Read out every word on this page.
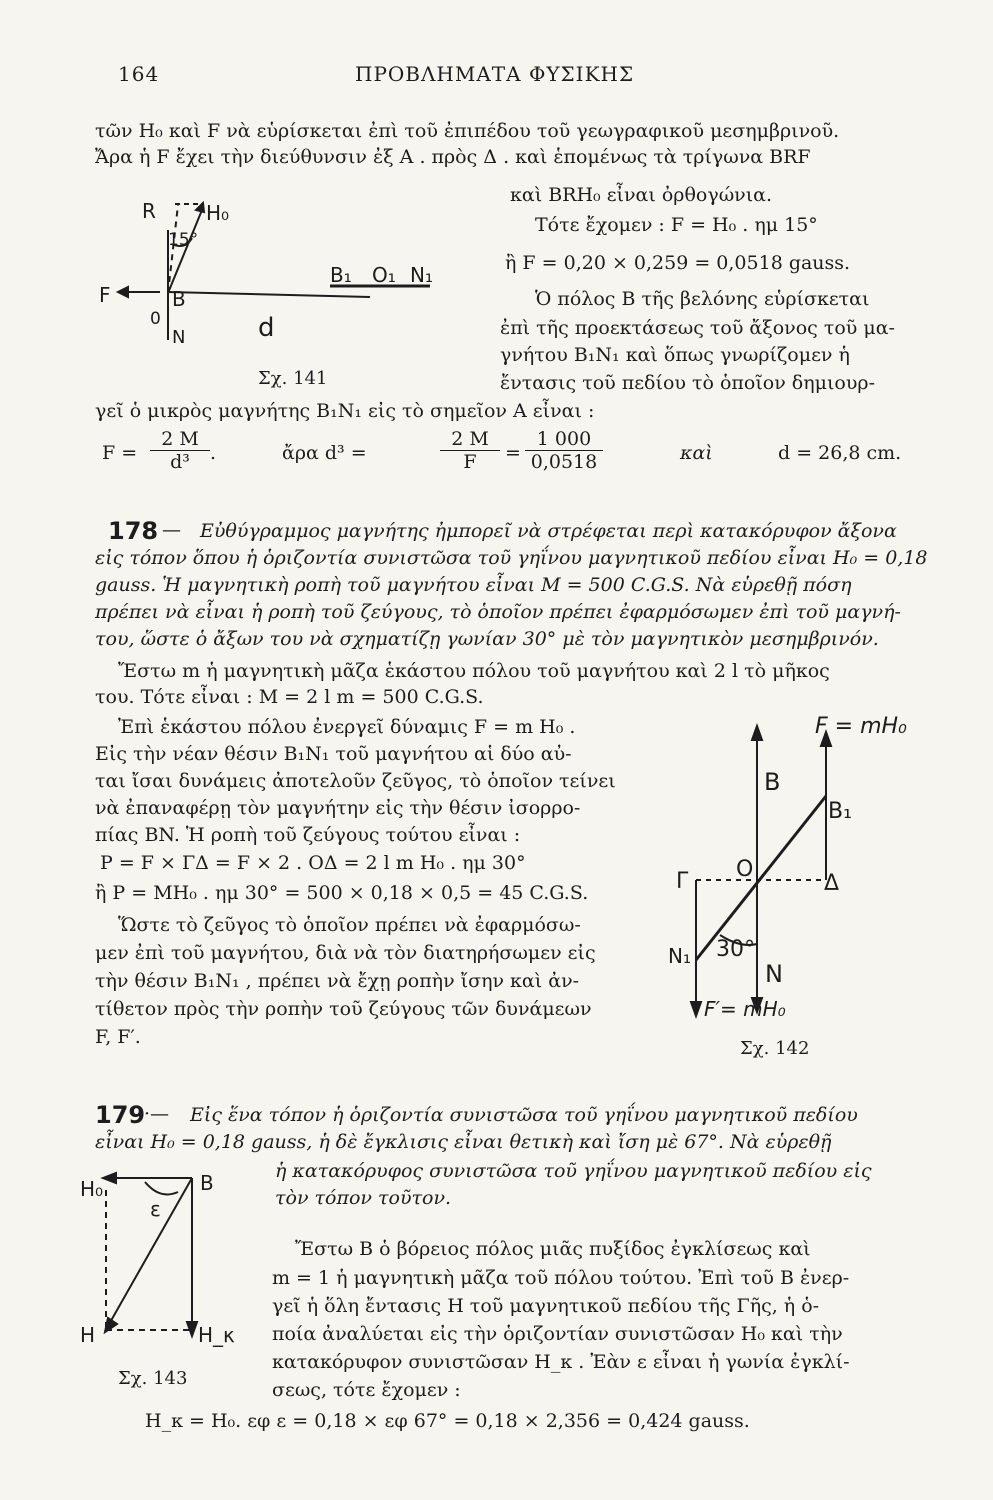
164	ΠΡΟΒΛΗΜΑΤΑ ΦΥΣΙΚΗΣ
τῶν H₀ καὶ F νὰ εὑρίσκεται ἐπὶ τοῦ ἐπιπέδου τοῦ γεωγραφικοῦ μεσημβρινοῦ.
Ἄρα ἡ F ἔχει τὴν διεύθυνσιν ἐξ A . πρὸς Δ . καὶ ἑπομένως τὰ τρίγωνα BRF
καὶ BRH₀ εἶναι ὀρθογώνια.
Τότε ἔχομεν : F = H₀ . ημ 15°
ἢ F = 0,20 × 0,259 = 0,0518 gauss.
Ὁ πόλος B τῆς βελόνης εὑρίσκεται
ἐπὶ τῆς προεκτάσεως τοῦ ἄξονος τοῦ μα-
γνήτου B₁N₁ καὶ ὅπως γνωρίζομεν ἡ
ἔντασις τοῦ πεδίου τὸ ὁποῖον δημιουρ-
γεῖ ὁ μικρὸς μαγνήτης B₁N₁ εἰς τὸ σημεῖον A εἶναι :
R	H₀
15°
F	B
0
N	d
B₁ O₁ N₁
Σχ. 141
$F = \frac{2 M}{\text{d³}}$ .	ἄρα d³ =	$\frac{2 M}{F} = \frac{1 000}{0,0518}$	καὶ	d = 26,8 cm.
178 — Εὐθύγραμμος μαγνήτης ἠμπορεῖ νὰ στρέφεται περὶ κατακόρυφον ἄξονα
εἰς τόπον ὅπου ἡ ὁριζοντία συνιστῶσα τοῦ γηΐνου μαγνητικοῦ πεδίου εἶναι H₀ = 0,18
gauss. Ἡ μαγνητικὴ ροπὴ τοῦ μαγνήτου εἶναι M = 500 C.G.S. Νὰ εὑρεθῇ πόση
πρέπει νὰ εἶναι ἡ ροπὴ τοῦ ζεύγους, τὸ ὁποῖον πρέπει ἐφαρμόσωμεν ἐπὶ τοῦ μαγνή-
του, ὥστε ὁ ἄξων του νὰ σχηματίζῃ γωνίαν 30° μὲ τὸν μαγνητικὸν μεσημβρινόν.
Ἔστω m ἡ μαγνητικὴ μᾶζα ἑκάστου πόλου τοῦ μαγνήτου καὶ 2 l τὸ μῆκος
του. Τότε εἶναι : M = 2 l m = 500 C.G.S.
Ἐπὶ ἑκάστου πόλου ἐνεργεῖ δύναμις F = m H₀ .
Εἰς τὴν νέαν θέσιν B₁N₁ τοῦ μαγνήτου αἱ δύο αὐ-
ται ἴσαι δυνάμεις ἀποτελοῦν ζεῦγος, τὸ ὁποῖον τείνει
νὰ ἐπαναφέρῃ τὸν μαγνήτην εἰς τὴν θέσιν ἰσορρο-
πίας BN. Ἡ ροπὴ τοῦ ζεύγους τούτου εἶναι :
P = F × ΓΔ = F × 2 . OΔ = 2 l m H₀ . ημ 30°
ἢ P = MH₀ . ημ 30° = 500 × 0,18 × 0,5 = 45 C.G.S.
Ὥστε τὸ ζεῦγος τὸ ὁποῖον πρέπει νὰ ἐφαρμόσω-
μεν ἐπὶ τοῦ μαγνήτου, διὰ νὰ τὸν διατηρήσωμεν εἰς
τὴν θέσιν B₁N₁ , πρέπει νὰ ἔχῃ ροπὴν ἴσην καὶ ἀν-
τίθετον πρὸς τὴν ροπὴν τοῦ ζεύγους τῶν δυνάμεων
F, F′.
F = mH₀
B
B₁
O
Γ	Δ
N₁ 30°
N
F′= mH₀
Σχ. 142
179
·— Εἰς ἕνα τόπον ἡ ὁριζοντία συνιστῶσα τοῦ γηΐνου μαγνητικοῦ πεδίου
εἶναι H₀ = 0,18 gauss, ἡ δὲ ἔγκλισις εἶναι θετικὴ καὶ ἴση μὲ 67°. Νὰ εὑρεθῇ
ἡ κατακόρυφος συνιστῶσα τοῦ γηΐνου μαγνητικοῦ πεδίου εἰς
τὸν τόπον τοῦτον.
Ἔστω B ὁ βόρειος πόλος μιᾶς πυξίδος ἐγκλίσεως καὶ
m = 1 ἡ μαγνητικὴ μᾶζα τοῦ πόλου τούτου. Ἐπὶ τοῦ B ἐνερ-
γεῖ ἡ ὅλη ἔντασις H τοῦ μαγνητικοῦ πεδίου τῆς Γῆς, ἡ ὁ-
ποία ἀναλύεται εἰς τὴν ὁριζοντίαν συνιστῶσαν H₀ καὶ τὴν
κατακόρυφον συνιστῶσαν H_κ . Ἐὰν ε εἶναι ἡ γωνία ἐγκλί-
σεως, τότε ἔχομεν :
H_κ = H₀. εφ ε = 0,18 × εφ 67° = 0,18 × 2,356 = 0,424 gauss.
H₀	B
ε
H	H_κ
Σχ. 143
